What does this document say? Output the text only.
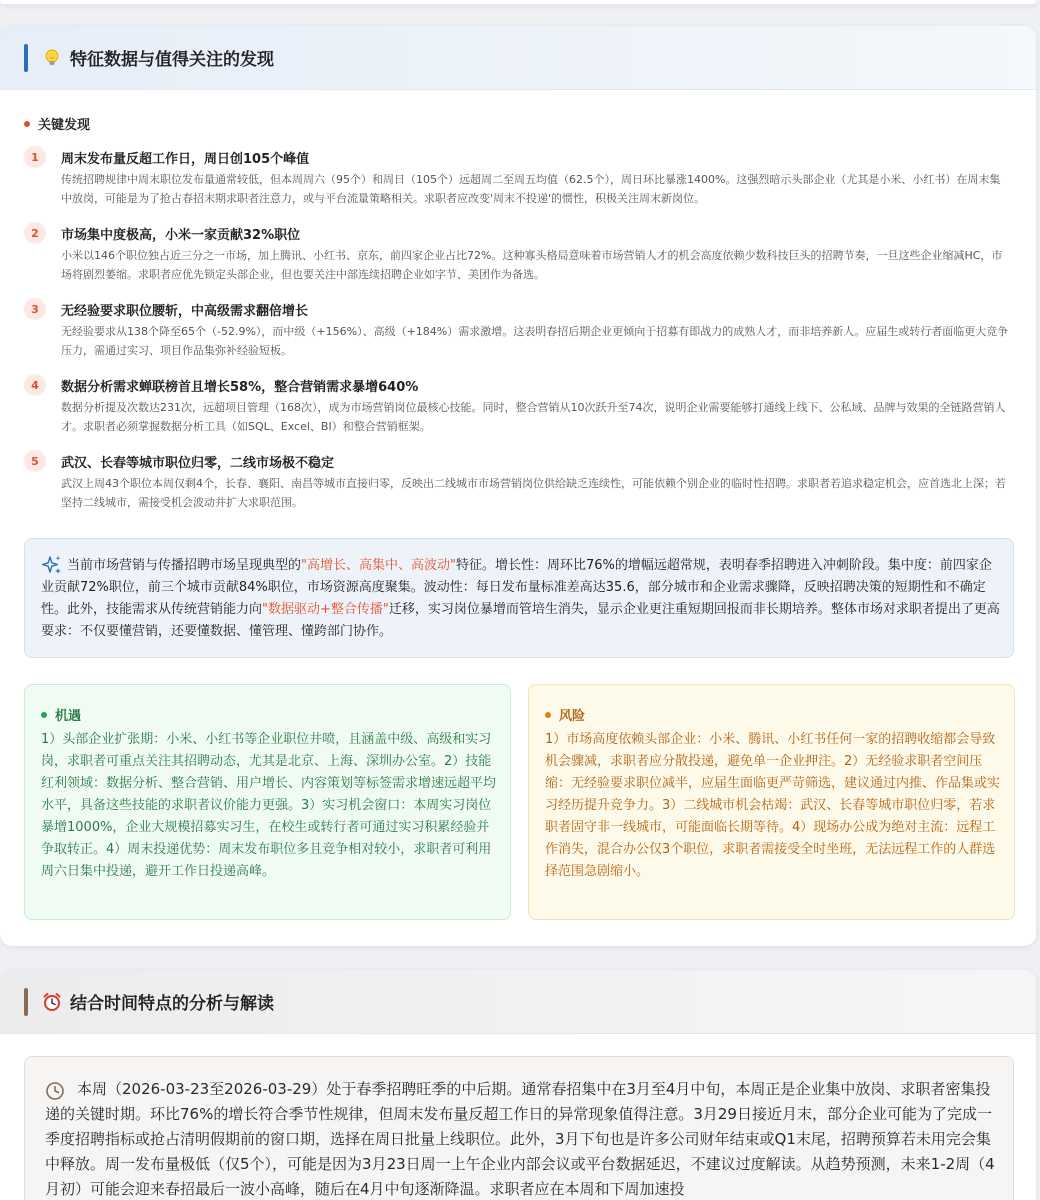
特征数据与值得关注的发现
关键发现
1	周末发布量反超工作日，周日创105个峰值
传统招聘规律中周末职位发布量通常较低，但本周周六（95个）和周日（105个）远超周二至周五均值（62.5个），周日环比暴涨1400%。这强烈暗示头部企业（尤其是小米、小红书）在周末集中放岗，可能是为了抢占春招末期求职者注意力，或与平台流量策略相关。求职者应改变'周末不投递'的惯性，积极关注周末新岗位。
2	市场集中度极高，小米一家贡献32%职位
小米以146个职位独占近三分之一市场，加上腾讯、小红书、京东，前四家企业占比72%。这种寡头格局意味着市场营销人才的机会高度依赖少数科技巨头的招聘节奏，一旦这些企业缩减HC，市场将剧烈萎缩。求职者应优先锁定头部企业，但也要关注中部连续招聘企业如字节、美团作为备选。
3	无经验要求职位腰斩，中高级需求翻倍增长
无经验要求从138个降至65个（-52.9%），而中级（+156%）、高级（+184%）需求激增。这表明春招后期企业更倾向于招募有即战力的成熟人才，而非培养新人。应届生或转行者面临更大竞争压力，需通过实习、项目作品集弥补经验短板。
4	数据分析需求蝉联榜首且增长58%，整合营销需求暴增640%
数据分析提及次数达231次，远超项目管理（168次），成为市场营销岗位最核心技能。同时，整合营销从10次跃升至74次，说明企业需要能够打通线上线下、公私域、品牌与效果的全链路营销人才。求职者必须掌握数据分析工具（如SQL、Excel、BI）和整合营销框架。
5	武汉、长春等城市职位归零，二线市场极不稳定
武汉上周43个职位本周仅剩4个，长春、襄阳、南昌等城市直接归零，反映出二线城市市场营销岗位供给缺乏连续性，可能依赖个别企业的临时性招聘。求职者若追求稳定机会，应首选北上深；若坚持二线城市，需接受机会波动并扩大求职范围。

当前市场营销与传播招聘市场呈现典型的"高增长、高集中、高波动"特征。增长性：周环比76%的增幅远超常规，表明春季招聘进入冲刺阶段。集中度：前四家企业贡献72%职位，前三个城市贡献84%职位，市场资源高度聚集。波动性：每日发布量标准差高达35.6，部分城市和企业需求骤降，反映招聘决策的短期性和不确定性。此外，技能需求从传统营销能力向"数据驱动+整合传播"迁移，实习岗位暴增而管培生消失，显示企业更注重短期回报而非长期培养。整体市场对求职者提出了更高要求：不仅要懂营销，还要懂数据、懂管理、懂跨部门协作。

机遇

1）头部企业扩张期：小米、小红书等企业职位井喷，且涵盖中级、高级和实习岗，求职者可重点关注其招聘动态，尤其是北京、上海、深圳办公室。2）技能红利领域：数据分析、整合营销、用户增长、内容策划等标签需求增速远超平均水平，具备这些技能的求职者议价能力更强。3）实习机会窗口：本周实习岗位暴增1000%，企业大规模招募实习生，在校生或转行者可通过实习积累经验并争取转正。4）周末投递优势：周末发布职位多且竞争相对较小，求职者可利用周六日集中投递，避开工作日投递高峰。

风险

1）市场高度依赖头部企业：小米、腾讯、小红书任何一家的招聘收缩都会导致机会骤减，求职者应分散投递，避免单一企业押注。2）无经验求职者空间压缩：无经验要求职位减半，应届生面临更严苛筛选，建议通过内推、作品集或实习经历提升竞争力。3）二线城市机会枯竭：武汉、长春等城市职位归零，若求职者固守非一线城市，可能面临长期等待。4）现场办公成为绝对主流：远程工作消失，混合办公仅3个职位，求职者需接受全时坐班，无法远程工作的人群选择范围急剧缩小。

结合时间特点的分析与解读

本周（2026-03-23至2026-03-29）处于春季招聘旺季的中后期。通常春招集中在3月至4月中旬，本周正是企业集中放岗、求职者密集投递的关键时期。环比76%的增长符合季节性规律，但周末发布量反超工作日的异常现象值得注意。3月29日接近月末，部分企业可能为了完成一季度招聘指标或抢占清明假期前的窗口期，选择在周日批量上线职位。此外，3月下旬也是许多公司财年结束或Q1末尾，招聘预算若未用完会集中释放。周一发布量极低（仅5个），可能是因为3月23日周一上午企业内部会议或平台数据延迟，不建议过度解读。从趋势预测，未来1-2周（4月初）可能会迎来春招最后一波小高峰，随后在4月中旬逐渐降温。求职者应在本周和下周加速投
